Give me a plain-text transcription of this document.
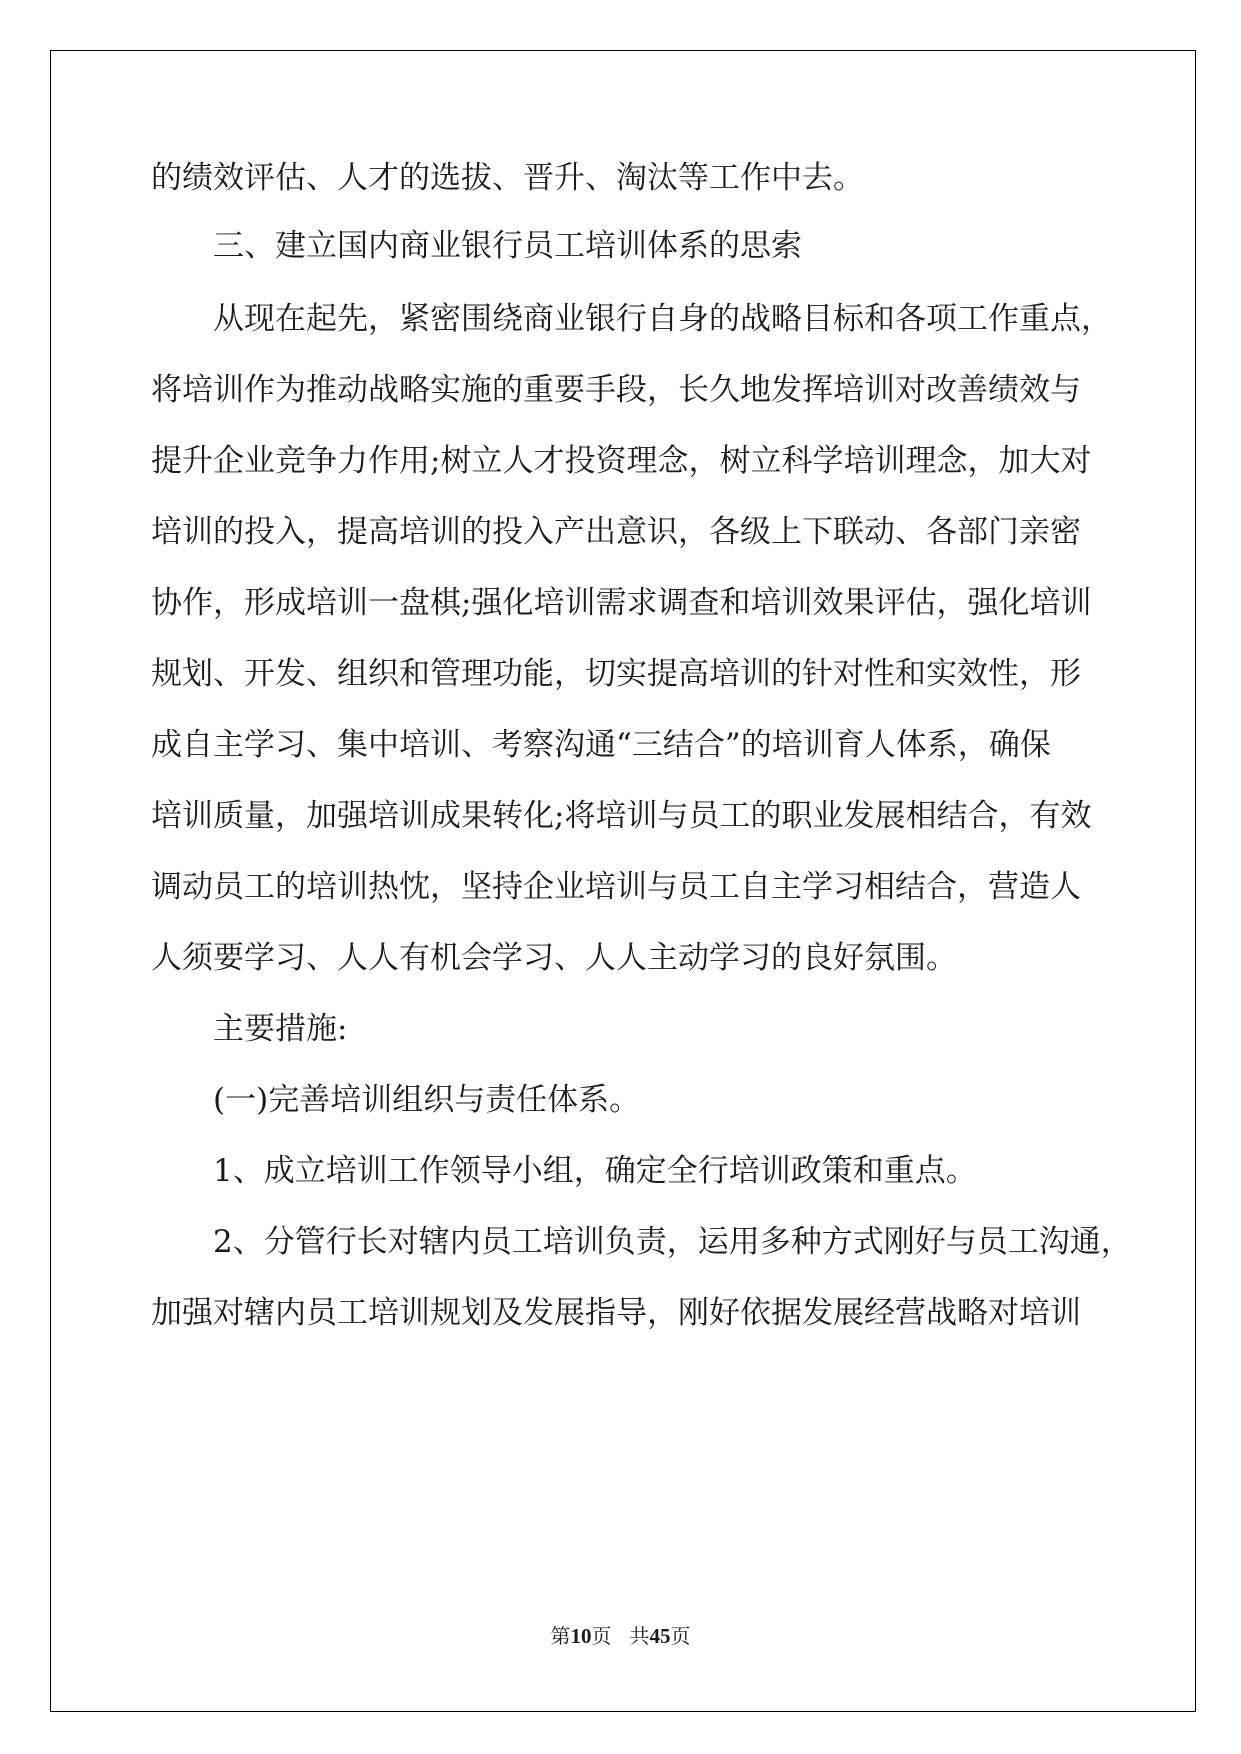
的绩效评估、人才的选拔、晋升、淘汰等工作中去。
　　三、建立国内商业银行员工培训体系的思索
　　从现在起先，紧密围绕商业银行自身的战略目标和各项工作重点，
将培训作为推动战略实施的重要手段，长久地发挥培训对改善绩效与
提升企业竞争力作用;树立人才投资理念，树立科学培训理念，加大对
培训的投入，提高培训的投入产出意识，各级上下联动、各部门亲密
协作，形成培训一盘棋;强化培训需求调查和培训效果评估，强化培训
规划、开发、组织和管理功能，切实提高培训的针对性和实效性，形
成自主学习、集中培训、考察沟通“三结合”的培训育人体系，确保
培训质量，加强培训成果转化;将培训与员工的职业发展相结合，有效
调动员工的培训热忱，坚持企业培训与员工自主学习相结合，营造人
人须要学习、人人有机会学习、人人主动学习的良好氛围。
　　主要措施:
　　(一)完善培训组织与责任体系。
　　1、成立培训工作领导小组，确定全行培训政策和重点。
　　2、分管行长对辖内员工培训负责，运用多种方式刚好与员工沟通，
加强对辖内员工培训规划及发展指导，刚好依据发展经营战略对培训
第10页 共45页
